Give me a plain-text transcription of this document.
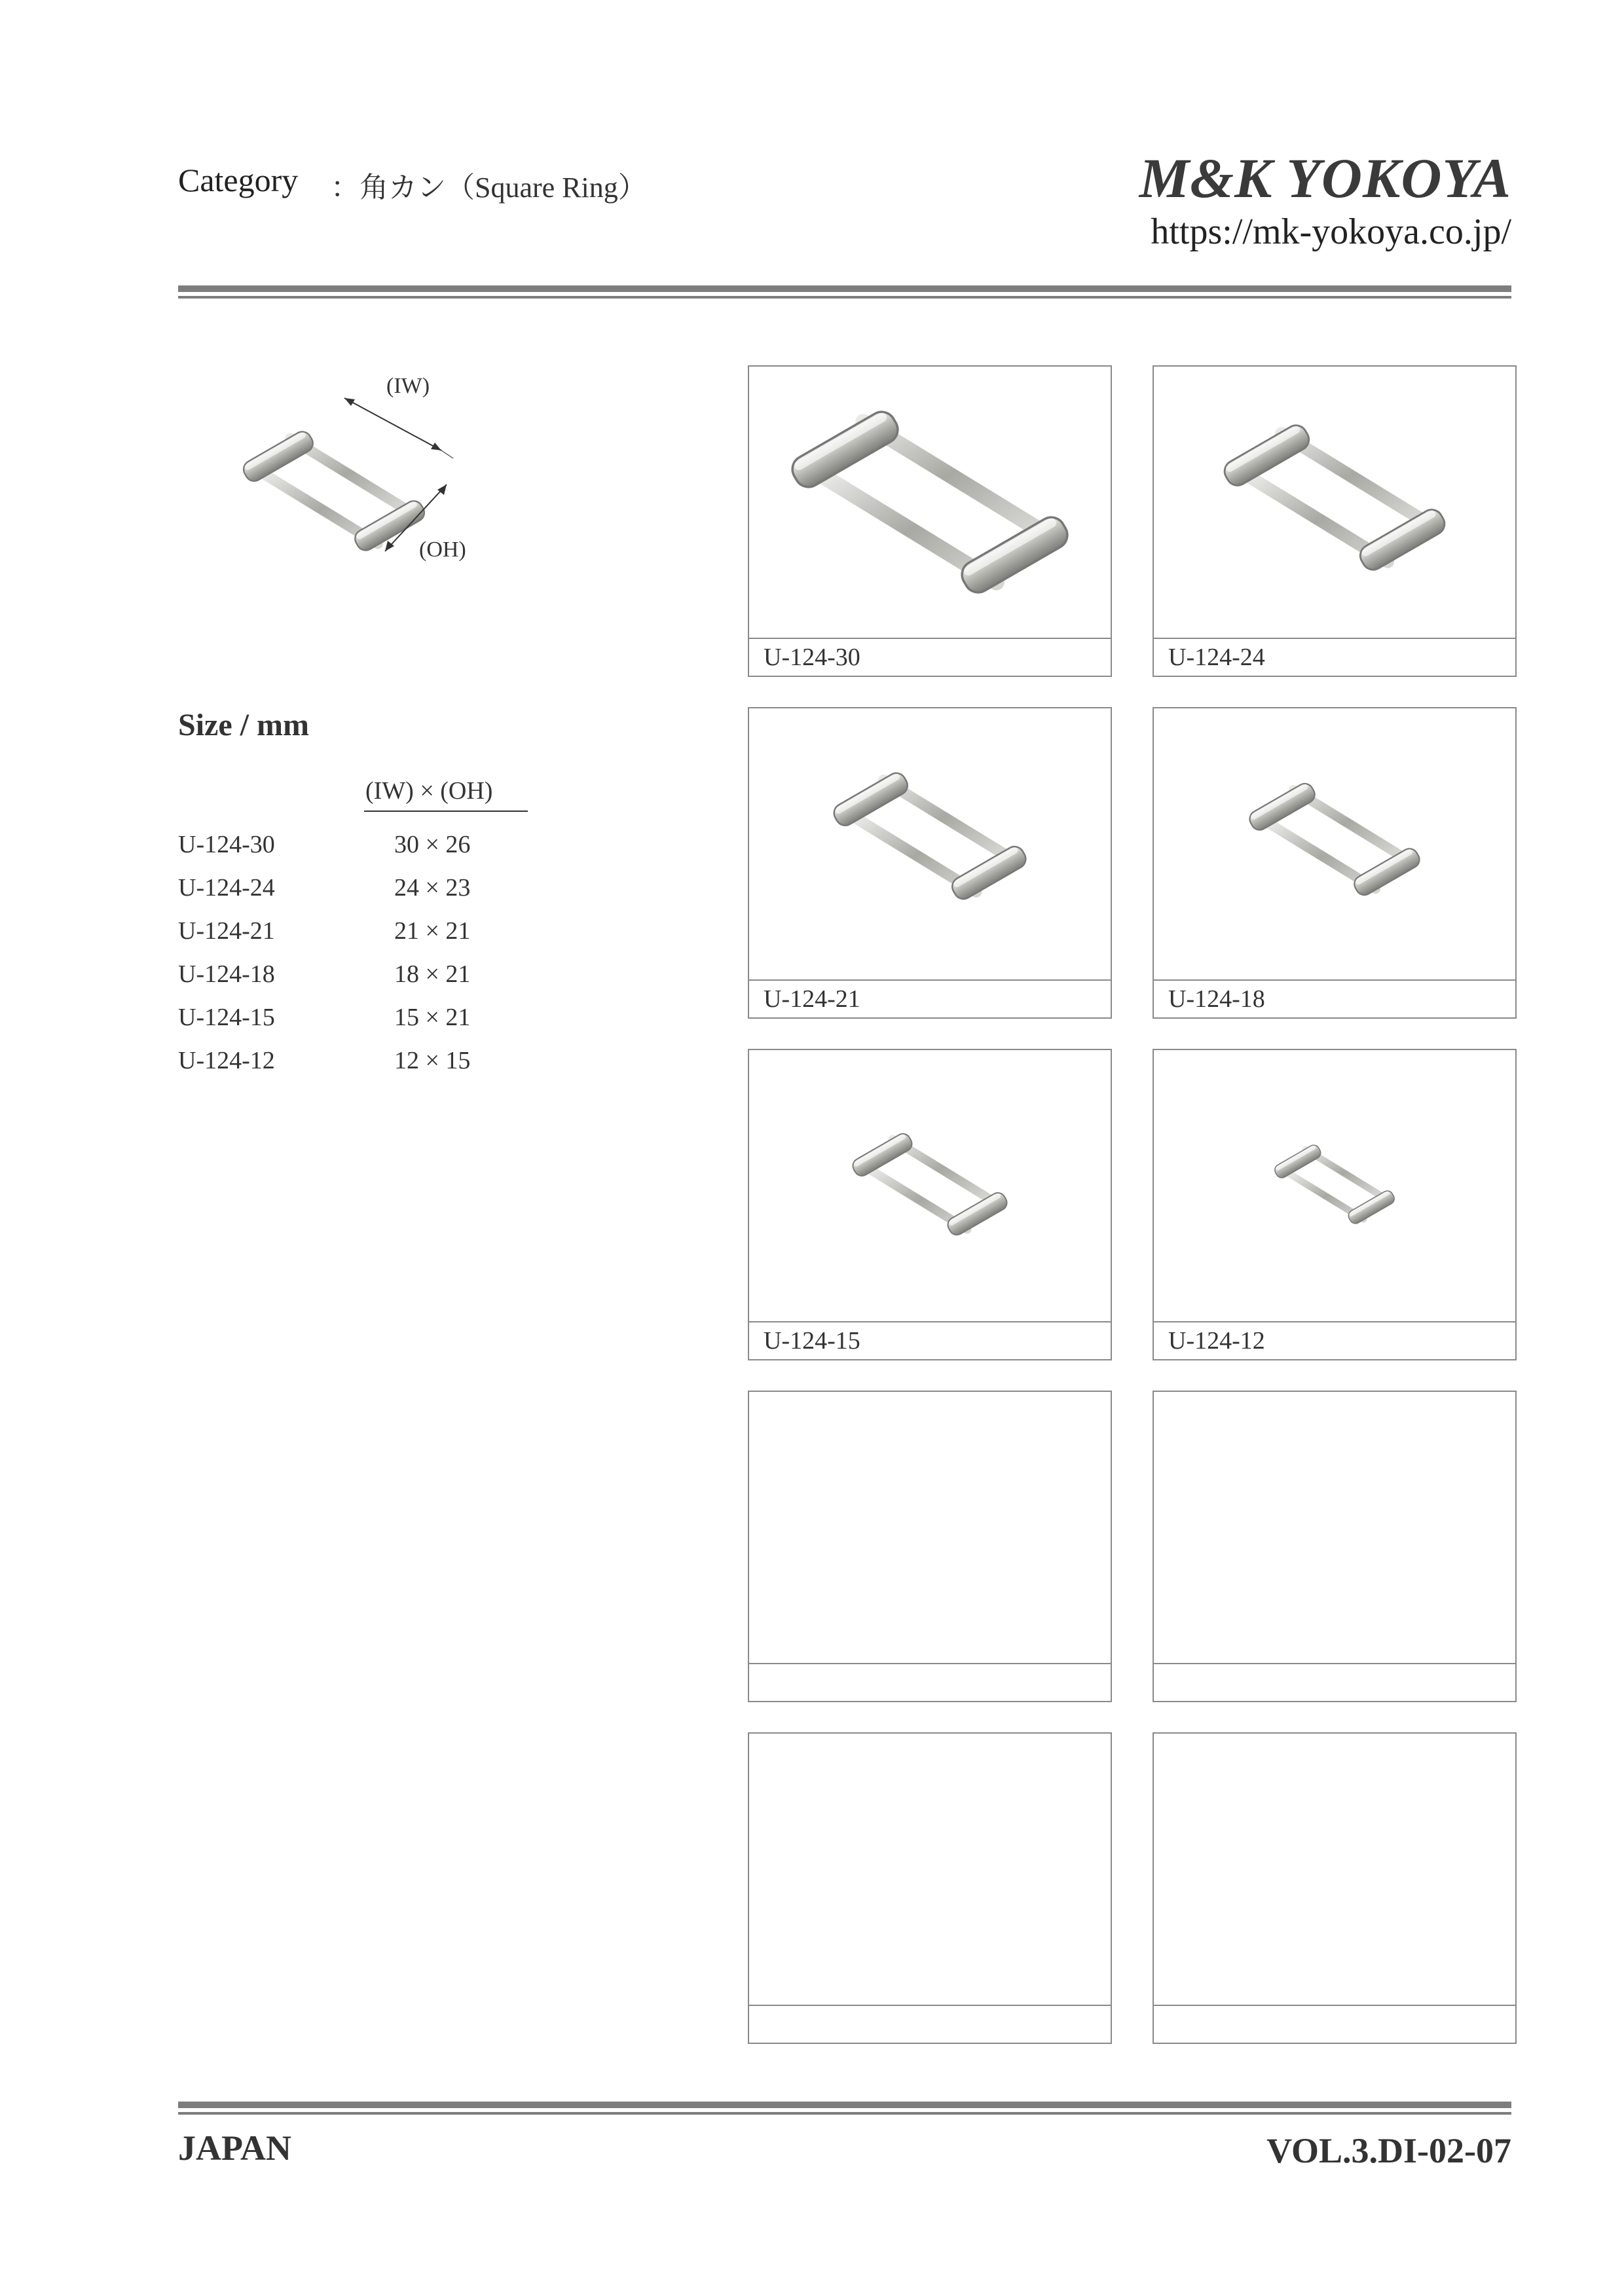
Category ：角カン（Square Ring）	M&K YOKOYA
https://mk-yokoya.co.jp/
(IW)
(OH)
Size / mm
(IW) × (OH)
U-124-30	30 × 26
U-124-24	24 × 23
U-124-21	21 × 21
U-124-18	18 × 21
U-124-15	15 × 21
U-124-12	12 × 15
U-124-30	U-124-24
U-124-21	U-124-18
U-124-15	U-124-12
JAPAN	VOL.3.DI-02-07
